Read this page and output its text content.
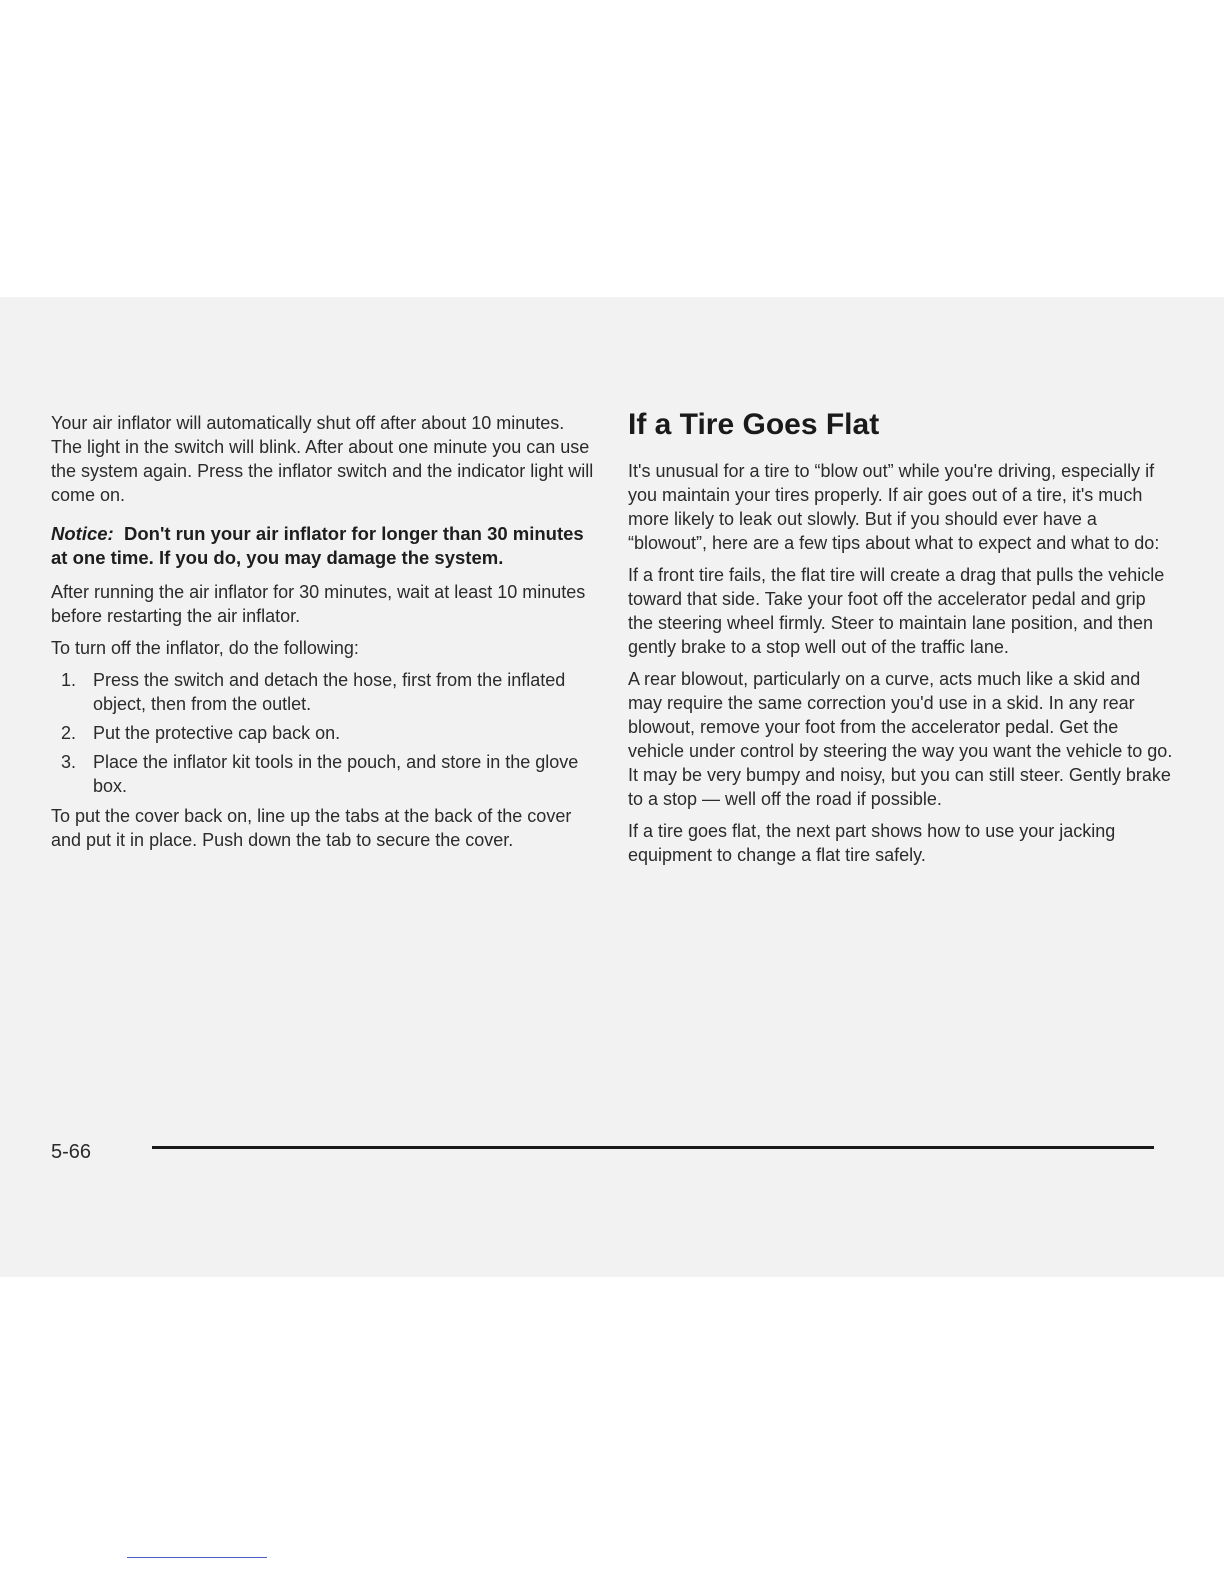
Your air inflator will automatically shut off after about 10 minutes. The light in the switch will blink. After about one minute you can use the system again. Press the inflator switch and the indicator light will come on.

Notice: Don't run your air inflator for longer than 30 minutes at one time. If you do, you may damage the system.

After running the air inflator for 30 minutes, wait at least 10 minutes before restarting the air inflator.

To turn off the inflator, do the following:

1. Press the switch and detach the hose, first from the inflated object, then from the outlet.
2. Put the protective cap back on.
3. Place the inflator kit tools in the pouch, and store in the glove box.

To put the cover back on, line up the tabs at the back of the cover and put it in place. Push down the tab to secure the cover.

If a Tire Goes Flat

It's unusual for a tire to “blow out” while you're driving, especially if you maintain your tires properly. If air goes out of a tire, it's much more likely to leak out slowly. But if you should ever have a “blowout”, here are a few tips about what to expect and what to do:

If a front tire fails, the flat tire will create a drag that pulls the vehicle toward that side. Take your foot off the accelerator pedal and grip the steering wheel firmly. Steer to maintain lane position, and then gently brake to a stop well out of the traffic lane.

A rear blowout, particularly on a curve, acts much like a skid and may require the same correction you'd use in a skid. In any rear blowout, remove your foot from the accelerator pedal. Get the vehicle under control by steering the way you want the vehicle to go. It may be very bumpy and noisy, but you can still steer. Gently brake to a stop — well off the road if possible.

If a tire goes flat, the next part shows how to use your jacking equipment to change a flat tire safely.

5-66
